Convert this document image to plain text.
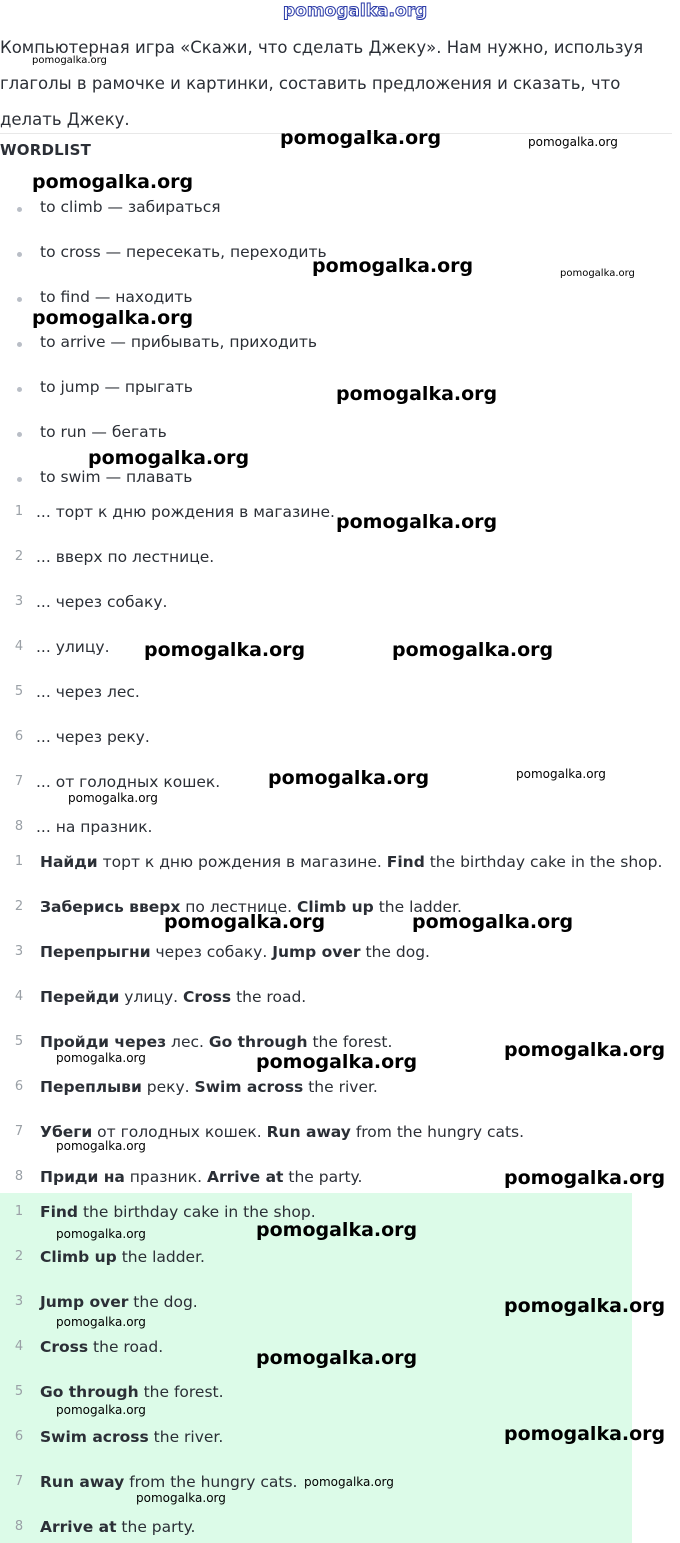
Компьютерная игра «Скажи, что сделать Джеку». Нам нужно, используя глаголы в рамочке и картинки, составить предложения и сказать, что делать Джеку.
WORDLIST
to climb — забираться
to cross — пересекать, переходить
to find — находить
to arrive — прибывать, приходить
to jump — прыгать
to run — бегать
to swim — плавать
1 ... торт к дню рождения в магазине.
2 ... вверх по лестнице.
3 ... через собаку.
4 ... улицу.
5 ... через лес.
6 ... через реку.
7 ... от голодных кошек.
8 ... на празник.
1	Найди торт к дню рождения в магазине. Find the birthday cake in the shop.
2	Заберись вверх по лестнице. Climb up the ladder.
3	Перепрыгни через собаку. Jump over the dog.
4	Перейди улицу. Cross the road.
5	Пройди через лес. Go through the forest.
6	Переплыви реку. Swim across the river.
7	Убеги от голодных кошек. Run away from the hungry cats.
8	Приди на празник. Arrive at the party.
1	Find the birthday cake in the shop.
2	Climb up the ladder.
3	Jump over the dog.
4	Cross the road.
5	Go through the forest.
6	Swim across the river.
7	Run away from the hungry cats.
8	Arrive at the party.
pomogalka.org
pomogalka.org
pomogalka.org	pomogalka.org
pomogalka.org
pomogalka.org	pomogalka.org
pomogalka.org
pomogalka.org
pomogalka.org
pomogalka.org
pomogalka.org	pomogalka.org
pomogalka.org	pomogalka.org
pomogalka.org
pomogalka.org	pomogalka.org
pomogalka.org
pomogalka.org	pomogalka.org
pomogalka.org
pomogalka.org
pomogalka.org	pomogalka.org
pomogalka.org
pomogalka.org
pomogalka.org
pomogalka.org
pomogalka.org
pomogalka.org
pomogalka.org
